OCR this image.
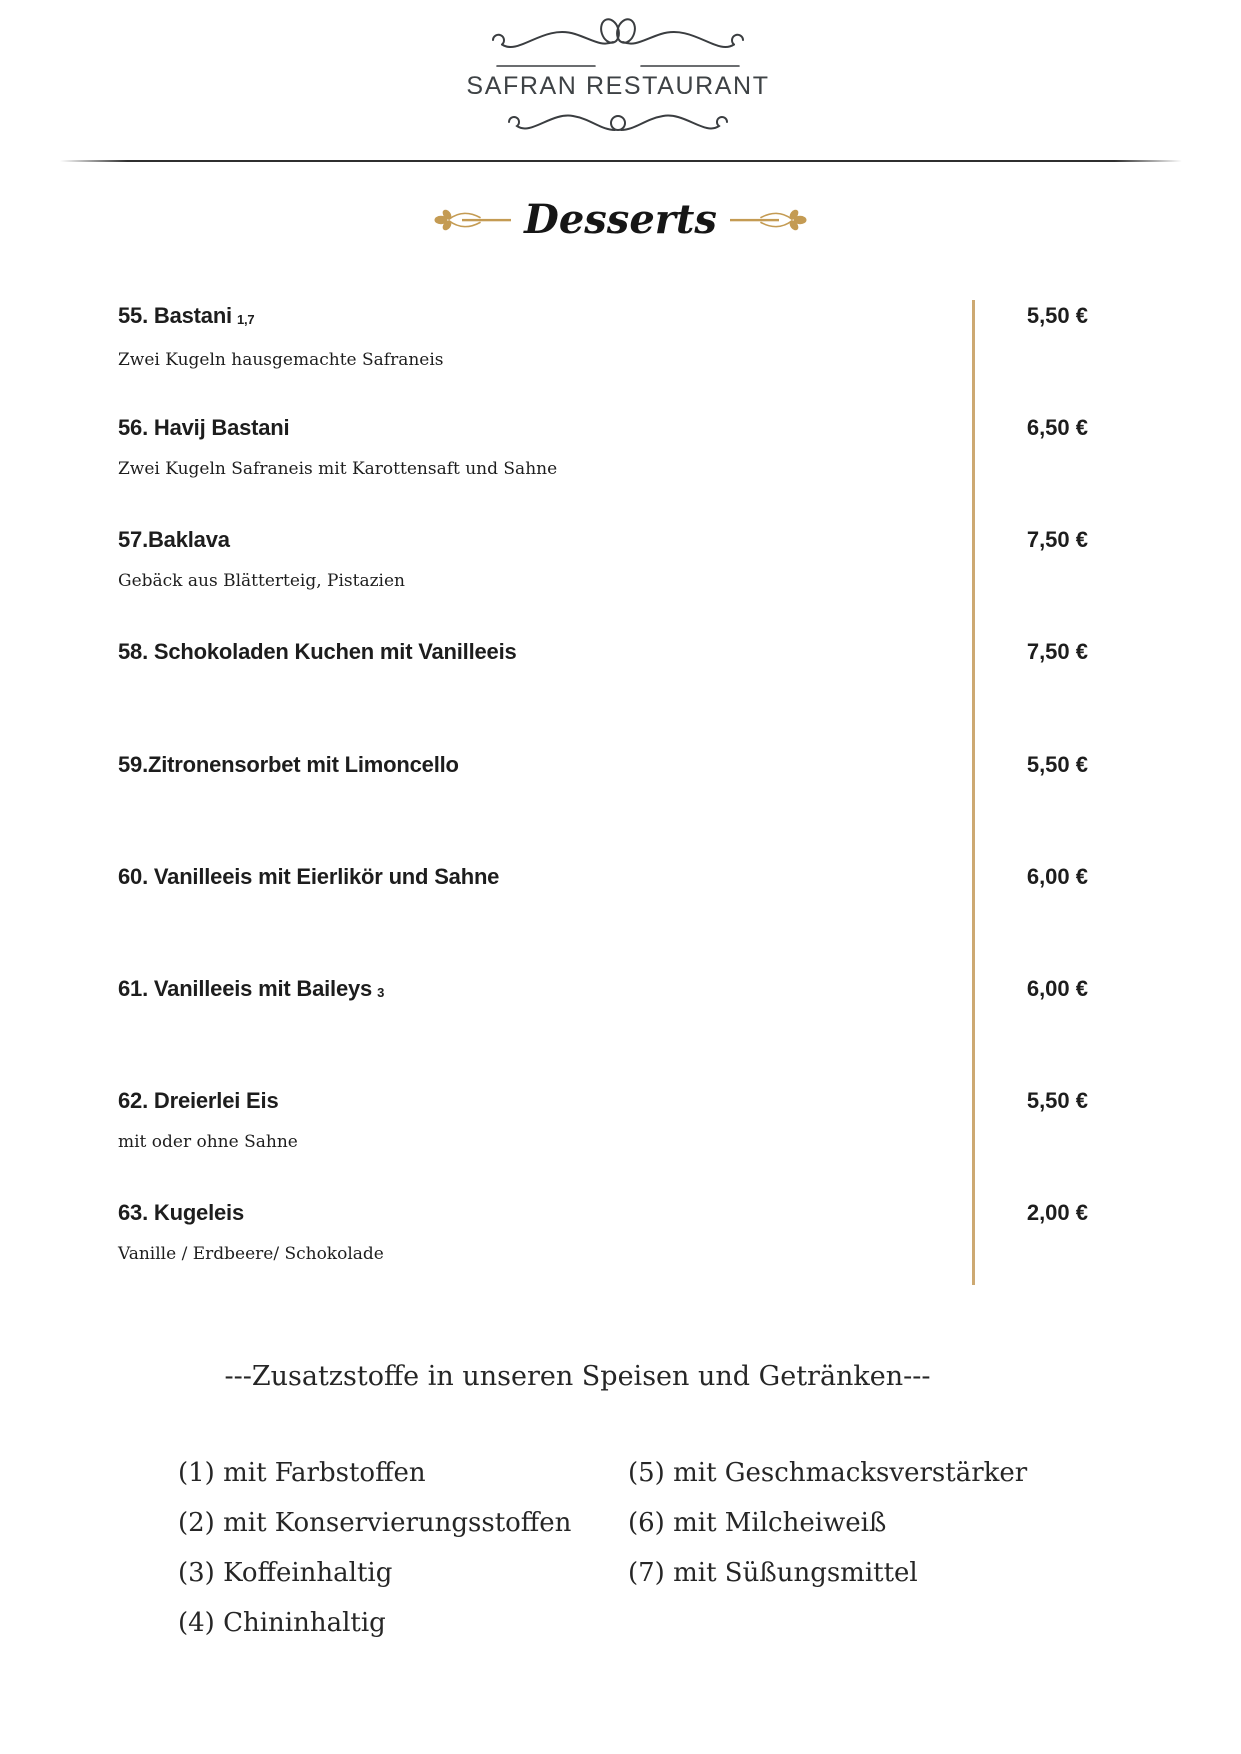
SAFRAN RESTAURANT
Desserts
55. Bastani 1,7	5,50 €
Zwei Kugeln hausgemachte Safraneis
56. Havij Bastani	6,50 €
Zwei Kugeln Safraneis mit Karottensaft und Sahne
57.Baklava	7,50 €
Gebäck aus Blätterteig, Pistazien
58. Schokoladen Kuchen mit Vanilleeis	7,50 €
59.Zitronensorbet mit Limoncello	5,50 €
60. Vanilleeis mit Eierlikör und Sahne	6,00 €
61. Vanilleeis mit Baileys 3	6,00 €
62. Dreierlei Eis	5,50 €
mit oder ohne Sahne
63. Kugeleis	2,00 €
Vanille / Erdbeere/ Schokolade
---Zusatzstoffe in unseren Speisen und Getränken---

(1) mit Farbstoffen

(2) mit Konservierungsstoffen

(3) Koffeinhaltig

(4) Chininhaltig

(5) mit Geschmacksverstärker

(6) mit Milcheiweiß

(7) mit Süßungsmittel
